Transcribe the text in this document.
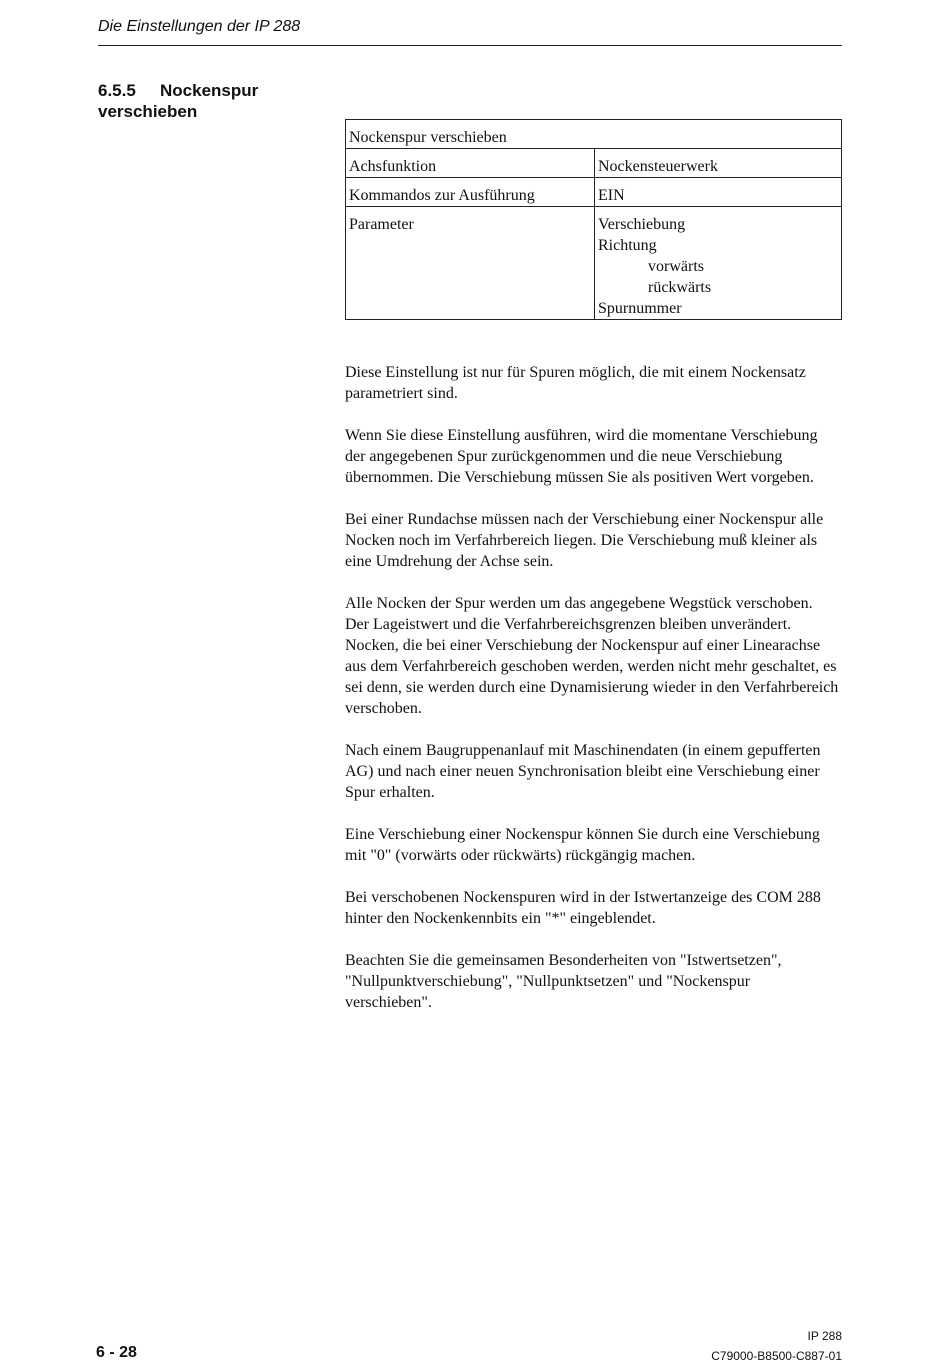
Die Einstellungen der IP 288
6.5.5 Nockenspur verschieben
Nockenspur verschieben	
Achsfunktion	Nockensteuerwerk
Kommandos zur Ausführung	EIN
Parameter	Verschiebung
Richtung
vorwärts
rückwärts
Spurnummer

Diese Einstellung ist nur für Spuren möglich, die mit einem Nockensatz parametriert sind.

Wenn Sie diese Einstellung ausführen, wird die momentane Verschiebung der angegebenen Spur zurückgenommen und die neue Verschiebung übernommen. Die Verschiebung müssen Sie als positiven Wert vorgeben.

Bei einer Rundachse müssen nach der Verschiebung einer Nockenspur alle Nocken noch im Verfahrbereich liegen. Die Verschiebung muß kleiner als eine Umdrehung der Achse sein.

Alle Nocken der Spur werden um das angegebene Wegstück verschoben. Der Lageistwert und die Verfahrbereichsgrenzen bleiben unverändert. Nocken, die bei einer Verschiebung der Nockenspur auf einer Linearachse aus dem Verfahrbereich geschoben werden, werden nicht mehr geschaltet, es sei denn, sie werden durch eine Dynamisierung wieder in den Verfahrbereich verschoben.

Nach einem Baugruppenanlauf mit Maschinendaten (in einem gepufferten AG) und nach einer neuen Synchronisation bleibt eine Verschiebung einer Spur erhalten.

Eine Verschiebung einer Nockenspur können Sie durch eine Verschiebung mit "0" (vorwärts oder rückwärts) rückgängig machen.

Bei verschobenen Nockenspuren wird in der Istwertanzeige des COM 288 hinter den Nockenkennbits ein "*" eingeblendet.

Beachten Sie die gemeinsamen Besonderheiten von "Istwertsetzen", "Nullpunktverschiebung", "Nullpunktsetzen" und "Nockenspur verschieben".

6 - 28
IP 288
C79000-B8500-C887-01
